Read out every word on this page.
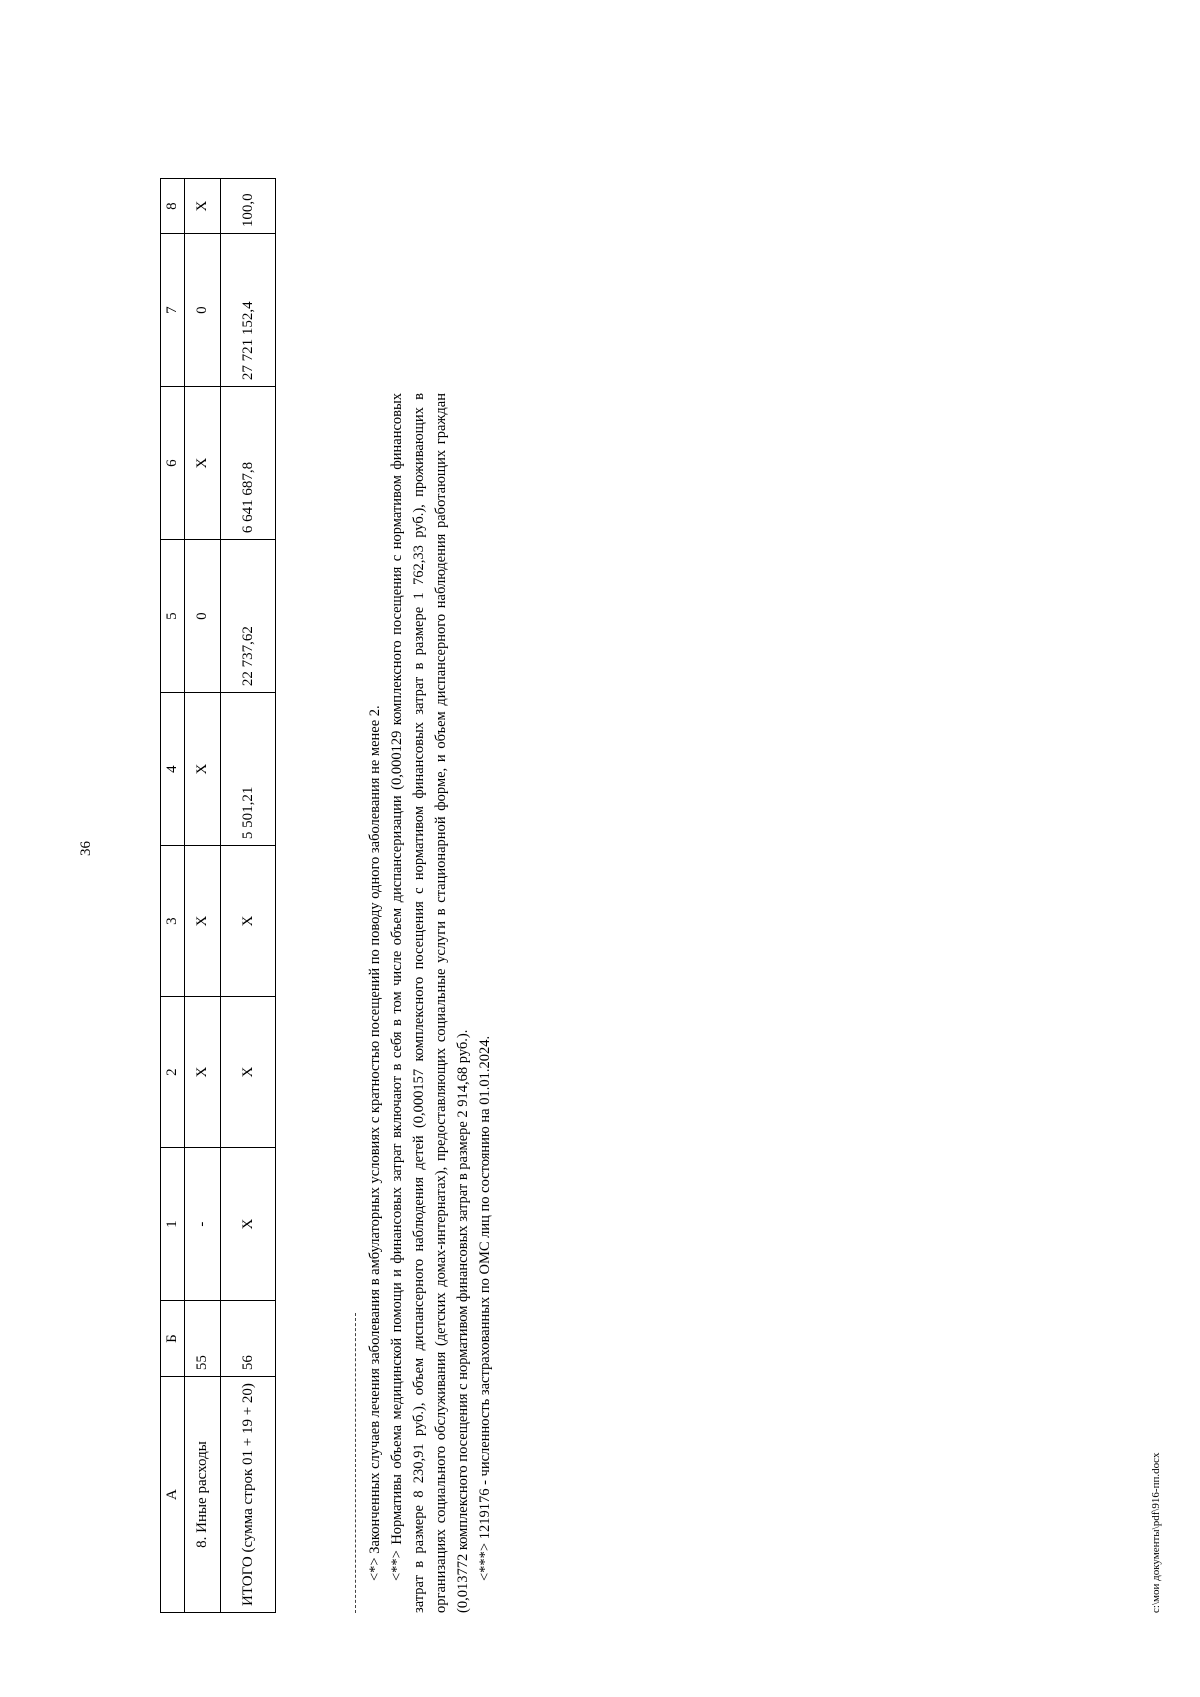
36
А	Б	1	2	3	4	5	6	7	8
8. Иные расходы	55	-	X	X	X	0	X	0	X
ИТОГО (сумма строк 01 + 19 + 20)	56	X	X	X	5 501,21	22 737,62	6 641 687,8	27 721 152,4	100,0
<*> Законченных случаев лечения заболевания в амбулаторных условиях с кратностью посещений по поводу одного заболевания не менее 2. <**> Нормативы объема медицинской помощи и финансовых затрат включают в себя в том числе объем диспансеризации (0,000129 комплексного посещения с нормативом финансовых затрат в размере 8 230,91 руб.), объем диспансерного наблюдения детей (0,000157 комплексного посещения с нормативом финансовых затрат в размере 1 762,33 руб.), проживающих в организациях социального обслуживания (детских домах-интернатах), предоставляющих социальные услуги в стационарной форме, и объем диспансерного наблюдения работающих граждан (0,013772 комплексного посещения с нормативом финансовых затрат в размере 2 914,68 руб.). <***> 1219176 - численность застрахованных по ОМС лиц по состоянию на 01.01.2024.	c:\мои документы\pdf\916-пп.docx
